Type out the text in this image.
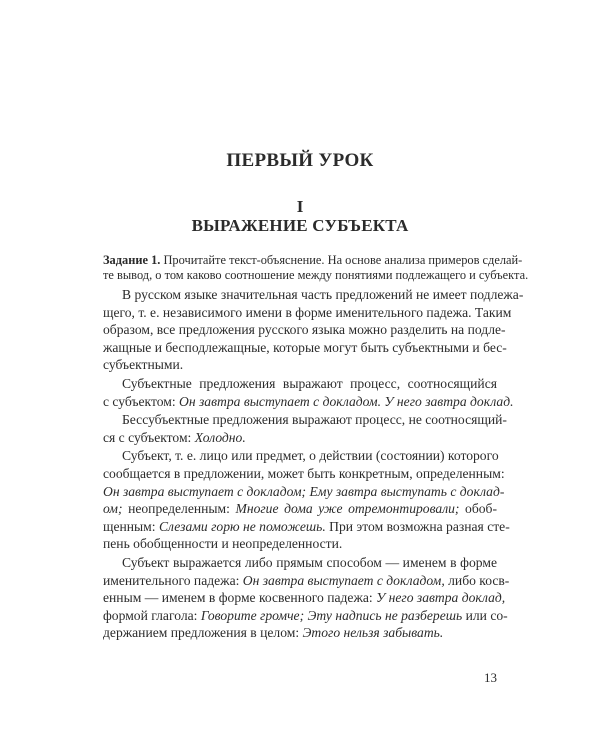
ПЕРВЫЙ УРОК
I
ВЫРАЖЕНИЕ СУБЪЕКТА
Задание 1. Прочитайте текст-объяснение. На основе анализа примеров сделай-
те вывод, о том каково соотношение между понятиями подлежащего и субъекта.
В русском языке значительная часть предложений не имеет подлежа-
щего, т. е. независимого имени в форме именительного падежа. Таким
образом, все предложения русского языка можно разделить на подле-
жащные и бесподлежащные, которые могут быть субъектными и бес-
субъектными.
Субъектные предложения выражают процесс, соотносящийся
с субъектом: Он завтра выступает с докладом. У него завтра доклад.
Бессубъектные предложения выражают процесс, не соотносящий-
ся с субъектом: Холодно.
Субъект, т. е. лицо или предмет, о действии (состоянии) которого
сообщается в предложении, может быть конкретным, определенным:
Он завтра выступает с докладом; Ему завтра выступать с доклад-
ом; неопределенным: Многие дома уже отремонтировали; обоб-
щенным: Слезами горю не поможешь. При этом возможна разная сте-
пень обобщенности и неопределенности.
Субъект выражается либо прямым способом — именем в форме
именительного падежа: Он завтра выступает с докладом, либо косв-
енным — именем в форме косвенного падежа: У него завтра доклад,
формой глагола: Говорите громче; Эту надпись не разберешь или со-
держанием предложения в целом: Этого нельзя забывать.
13
